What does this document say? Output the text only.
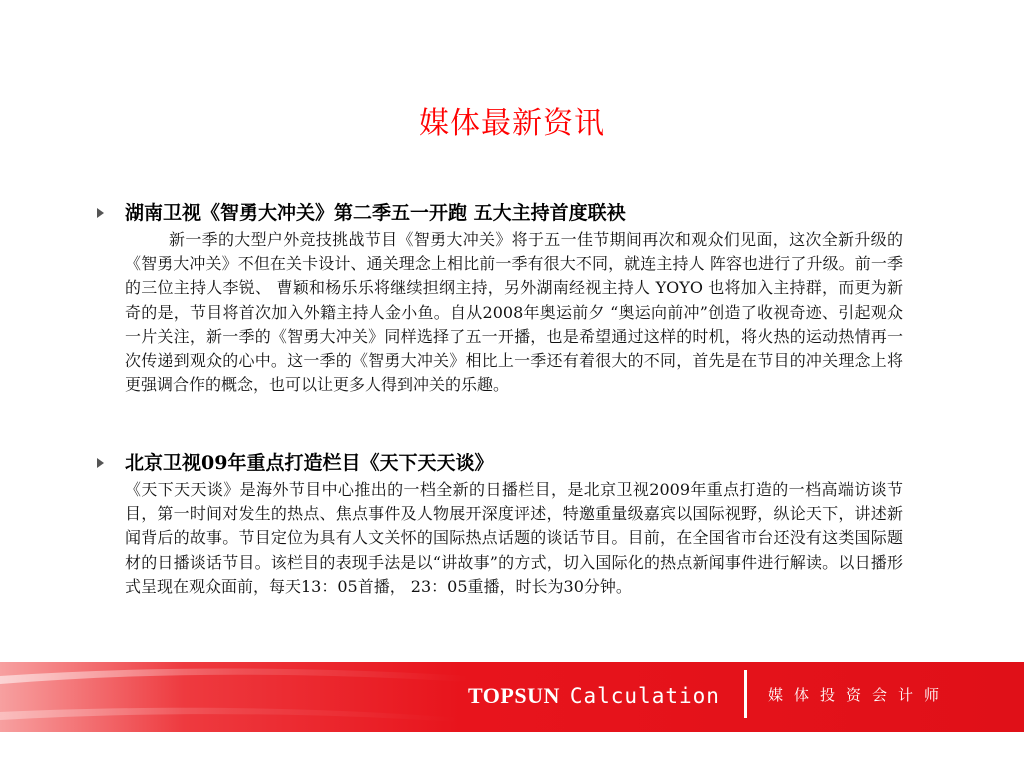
媒体最新资讯
湖南卫视《智勇大冲关》第二季五一开跑 五大主持首度联袂
新一季的大型户外竞技挑战节目《智勇大冲关》将于五一佳节期间再次和观众们见面，这次全新升级的《智勇大冲关》不但在关卡设计、通关理念上相比前一季有很大不同，就连主持人 阵容也进行了升级。前一季的三位主持人李锐、 曹颖和杨乐乐将继续担纲主持，另外湖南经视主持人 YOYO 也将加入主持群，而更为新奇的是，节目将首次加入外籍主持人金小鱼。自从2008年奥运前夕 “奥运向前冲”创造了收视奇迹、引起观众一片关注，新一季的《智勇大冲关》同样选择了五一开播，也是希望通过这样的时机，将火热的运动热情再一次传递到观众的心中。这一季的《智勇大冲关》相比上一季还有着很大的不同，首先是在节目的冲关理念上将更强调合作的概念，也可以让更多人得到冲关的乐趣。
北京卫视09年重点打造栏目《天下天天谈》
《天下天天谈》是海外节目中心推出的一档全新的日播栏目，是北京卫视2009年重点打造的一档高端访谈节目，第一时间对发生的热点、焦点事件及人物展开深度评述，特邀重量级嘉宾以国际视野，纵论天下，讲述新闻背后的故事。节目定位为具有人文关怀的国际热点话题的谈话节目。目前，在全国省市台还没有这类国际题材的日播谈话节目。该栏目的表现手法是以“讲故事”的方式，切入国际化的热点新闻事件进行解读。以日播形式呈现在观众面前，每天13：05首播， 23：05重播，时长为30分钟。
TOPSUN Calculation	媒体投资会计师
